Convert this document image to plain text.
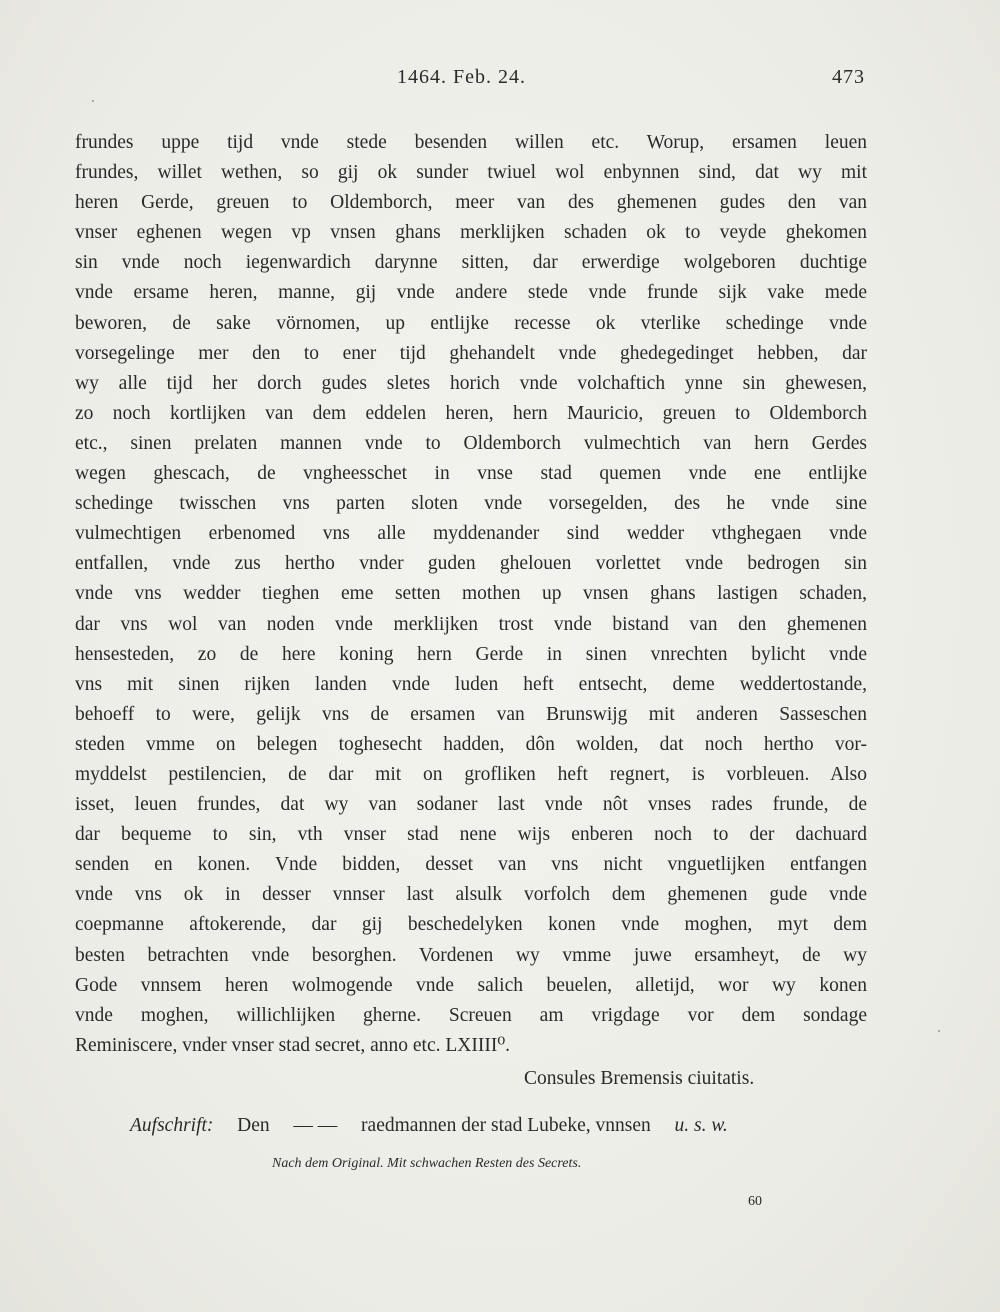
1464. Feb. 24.	473
frundes uppe tijd vnde stede besenden willen etc. Worup, ersamen leuen
frundes, willet wethen, so gij ok sunder twiuel wol enbynnen sind, dat wy mit
heren Gerde, greuen to Oldemborch, meer van des ghemenen gudes den van
vnser eghenen wegen vp vnsen ghans merklijken schaden ok to veyde ghekomen
sin vnde noch iegenwardich darynne sitten, dar erwerdige wolgeboren duchtige
vnde ersame heren, manne, gij vnde andere stede vnde frunde sijk vake mede
beworen, de sake vörnomen, up entlijke recesse ok vterlike schedinge vnde
vorsegelinge mer den to ener tijd ghehandelt vnde ghedegedinget hebben, dar
wy alle tijd her dorch gudes sletes horich vnde volchaftich ynne sin ghewesen,
zo noch kortlijken van dem eddelen heren, hern Mauricio, greuen to Oldemborch
etc., sinen prelaten mannen vnde to Oldemborch vulmechtich van hern Gerdes
wegen ghescach, de vngheesschet in vnse stad quemen vnde ene entlijke
schedinge twisschen vns parten sloten vnde vorsegelden, des he vnde sine
vulmechtigen erbenomed vns alle myddenander sind wedder vthghegaen vnde
entfallen, vnde zus hertho vnder guden ghelouen vorlettet vnde bedrogen sin
vnde vns wedder tieghen eme setten mothen up vnsen ghans lastigen schaden,
dar vns wol van noden vnde merklijken trost vnde bistand van den ghemenen
hensesteden, zo de here koning hern Gerde in sinen vnrechten bylicht vnde
vns mit sinen rijken landen vnde luden heft entsecht, deme weddertostande,
behoeff to were, gelijk vns de ersamen van Brunswijg mit anderen Sasseschen
steden vmme on belegen toghesecht hadden, dôn wolden, dat noch hertho vor-
myddelst pestilencien, de dar mit on grofliken heft regnert, is vorbleuen. Also
isset, leuen frundes, dat wy van sodaner last vnde nôt vnses rades frunde, de
dar bequeme to sin, vth vnser stad nene wijs enberen noch to der dachuard
senden en konen. Vnde bidden, desset van vns nicht vnguetlijken entfangen
vnde vns ok in desser vnnser last alsulk vorfolch dem ghemenen gude vnde
coepmanne aftokerende, dar gij beschedelyken konen vnde moghen, myt dem
besten betrachten vnde besorghen. Vordenen wy vmme juwe ersamheyt, de wy
Gode vnnsem heren wolmogende vnde salich beuelen, alletijd, wor wy konen
vnde moghen, willichlijken gherne. Screuen am vrigdage vor dem sondage
Reminiscere, vnder vnser stad secret, anno etc. LXIIII⁰.
Consules Bremensis ciuitatis.
Aufschrift: Den — — raedmannen der stad Lubeke, vnnsen u. s. w.
Nach dem Original. Mit schwachen Resten des Secrets.
60
